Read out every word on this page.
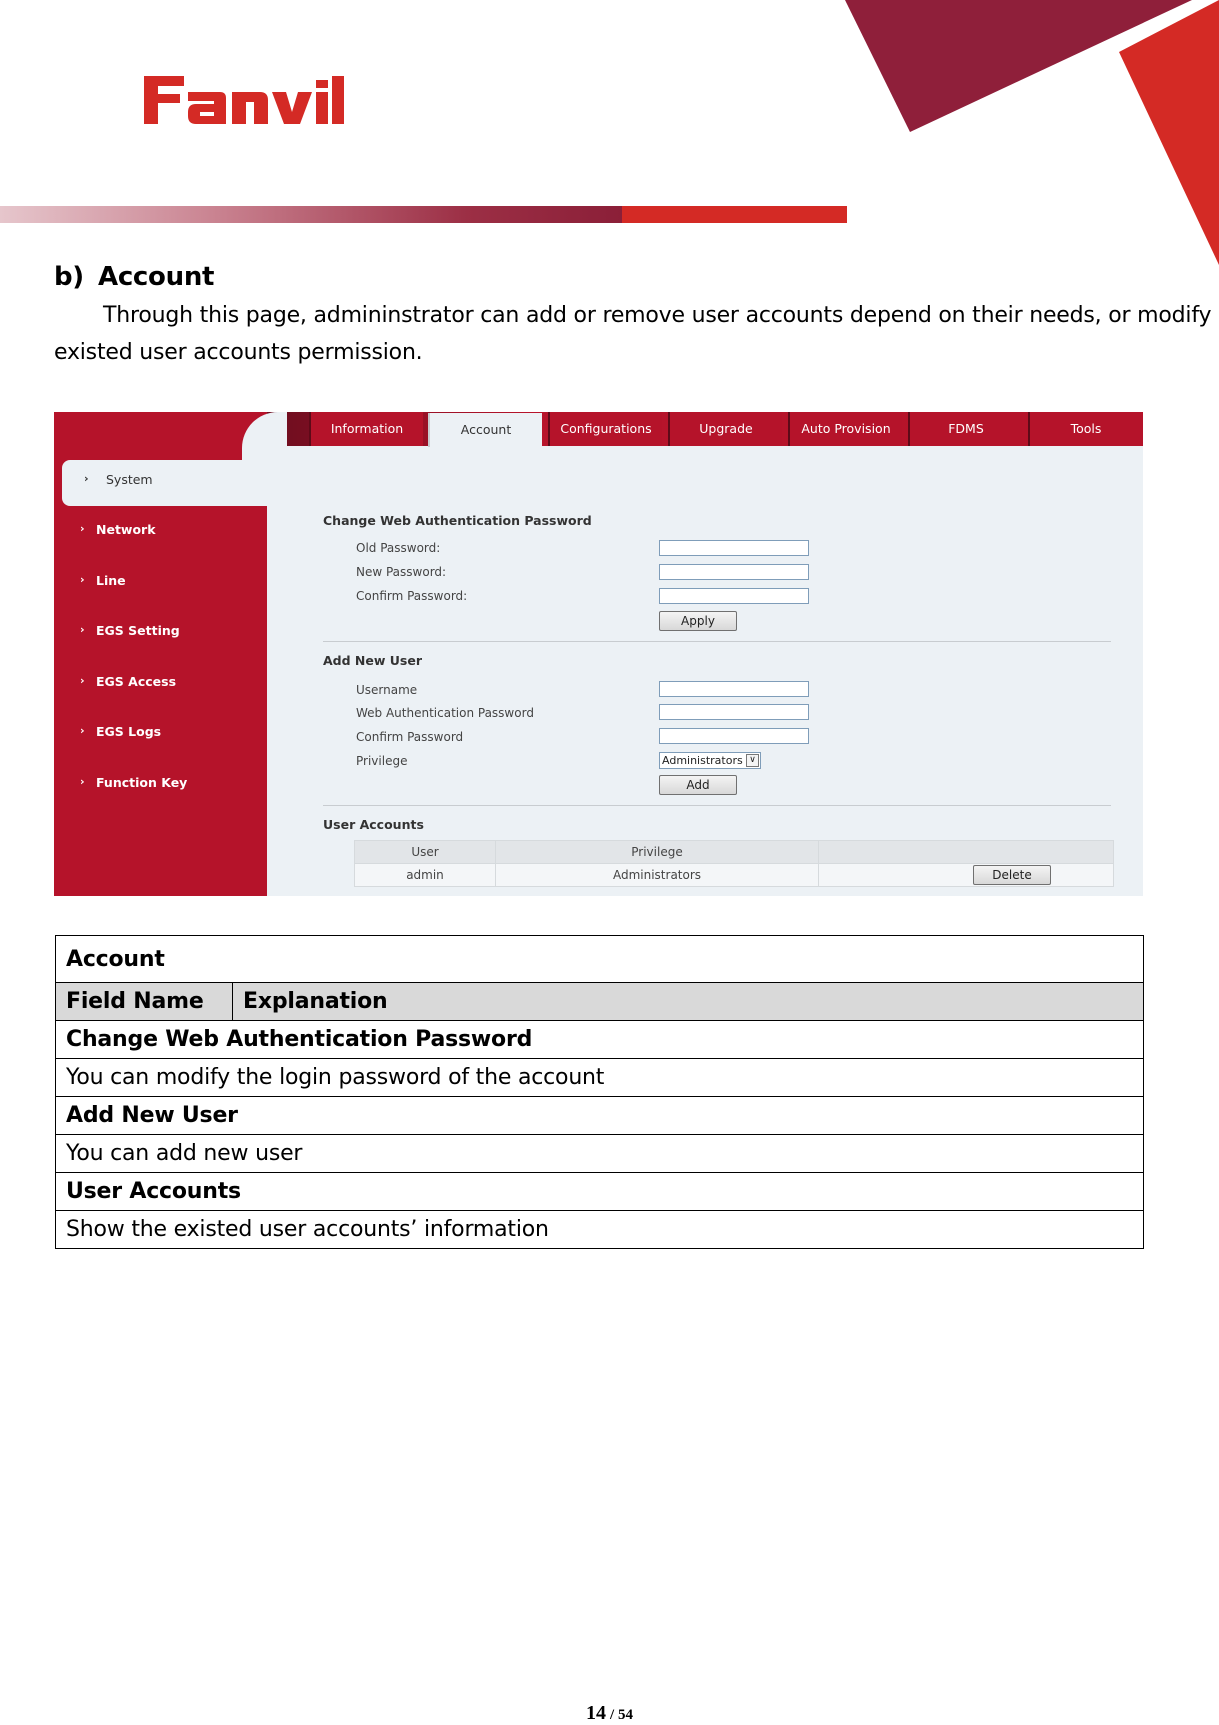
b) Account
Through this page, admininstrator can add or remove user accounts depend on their needs, or modify
existed user accounts permission.
Information	Account	Configurations	Upgrade	Auto Provision	FDMS	Tools
› System
› Network
› Line
› EGS Setting
› EGS Access
› EGS Logs
› Function Key
Change Web Authentication Password
Old Password:
New Password:
Confirm Password:
Apply
Add New User
Username
Web Authentication Password
Confirm Password
Privilege	Administrators ∨
Add
User Accounts
User	Privilege	
admin	Administrators	Delete
Account
Field Name	Explanation
Change Web Authentication Password
You can modify the login password of the account
Add New User
You can add new user
User Accounts
Show the existed user accounts’ information
14 / 54
